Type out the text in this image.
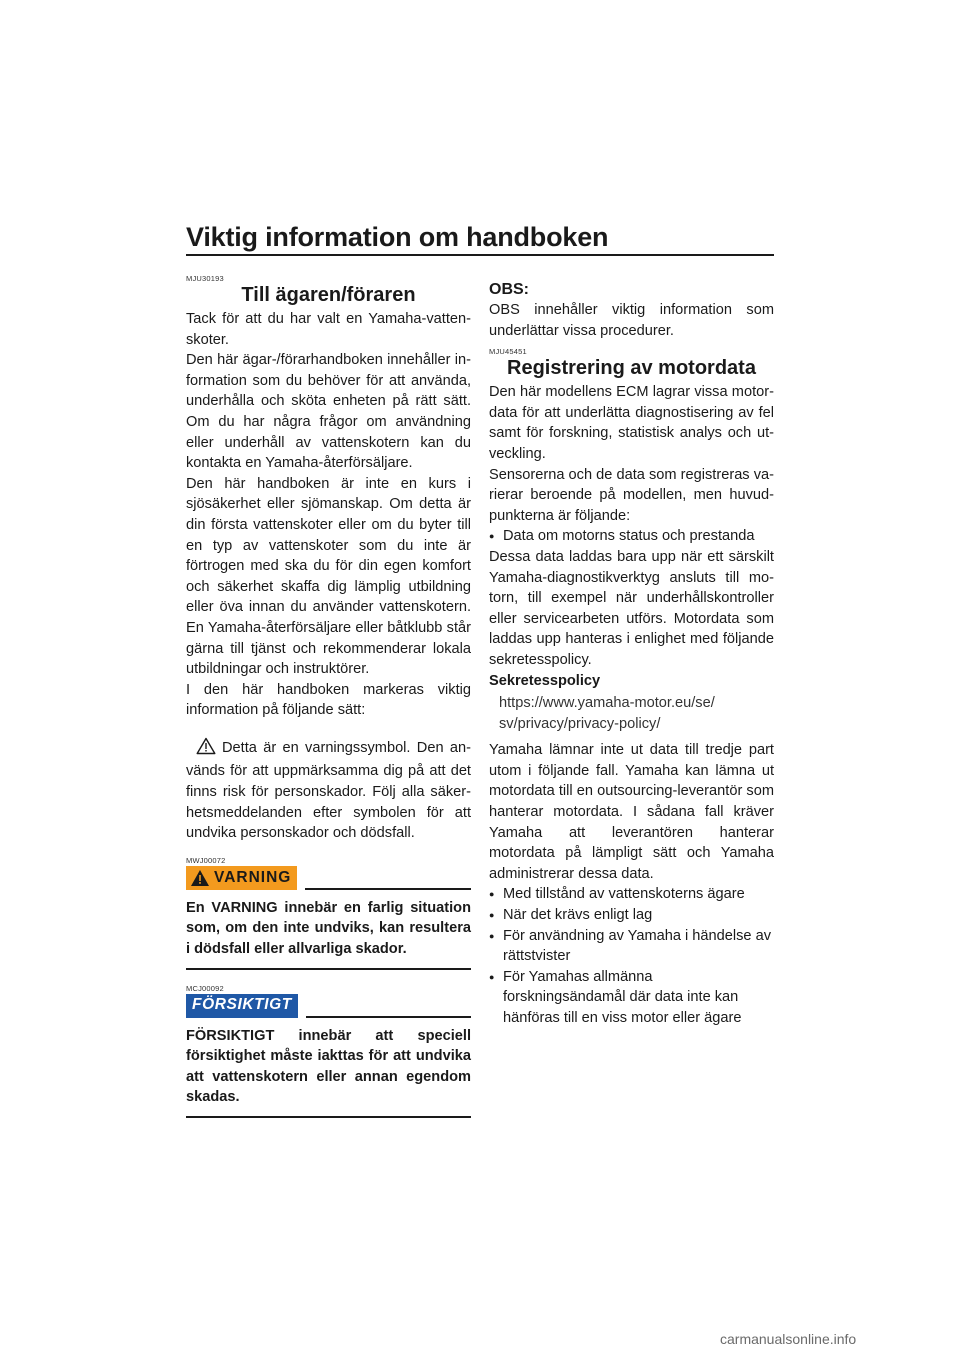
Viktig information om handboken
MJU30193
Till ägaren/föraren

Tack för att du har valt en Yamaha-vattenskoter.

Den här ägar-/förarhandboken innehåller information som du behöver för att använda, underhålla och sköta enheten på rätt sätt. Om du har några frågor om användning eller underhåll av vattenskotern kan du kontakta en Yamaha-återförsäljare.

Den här handboken är inte en kurs i sjösäkerhet eller sjömanskap. Om detta är din första vattenskoter eller om du byter till en typ av vattenskoter som du inte är förtrogen med ska du för din egen komfort och säkerhet skaffa dig lämplig utbildning eller öva innan du använder vattenskotern. En Yamaha-återförsäljare eller båtklubb står gärna till tjänst och rekommenderar lokala utbildningar och instruktörer.

I den här handboken markeras viktig information på följande sätt:

Detta är en varningssymbol. Den används för att uppmärksamma dig på att det finns risk för personskador. Följ alla säkerhetsmeddelanden efter symbolen för att undvika personskador och dödsfall.

MWJ00072
VARNING

En VARNING innebär en farlig situation som, om den inte undviks, kan resultera i dödsfall eller allvarliga skador.

MCJ00092
FÖRSIKTIGT

FÖRSIKTIGT innebär att speciell försiktighet måste iakttas för att undvika att vattenskotern eller annan egendom skadas.

OBS:

OBS innehåller viktig information som underlättar vissa procedurer.

MJU45451
Registrering av motordata

Den här modellens ECM lagrar vissa motordata för att underlätta diagnostisering av fel samt för forskning, statistisk analys och utveckling.

Sensorerna och de data som registreras varierar beroende på modellen, men huvudpunkterna är följande:

● Data om motorns status och prestanda

Dessa data laddas bara upp när ett särskilt Yamaha-diagnostikverktyg ansluts till motorn, till exempel när underhållskontroller eller servicearbeten utförs. Motordata som laddas upp hanteras i enlighet med följande sekretesspolicy.

Sekretesspolicy
https://www.yamaha-motor.eu/se/
sv/privacy/privacy-policy/

Yamaha lämnar inte ut data till tredje part utom i följande fall. Yamaha kan lämna ut motordata till en outsourcing-leverantör som hanterar motordata. I sådana fall kräver Yamaha att leverantören hanterar motordata på lämpligt sätt och Yamaha administrerar dessa data.

● Med tillstånd av vattenskoterns ägare
● När det krävs enligt lag
● För användning av Yamaha i händelse av rättstvister
● För Yamahas allmänna forskningsändamål där data inte kan hänföras till en viss motor eller ägare
carmanualsonline.info
